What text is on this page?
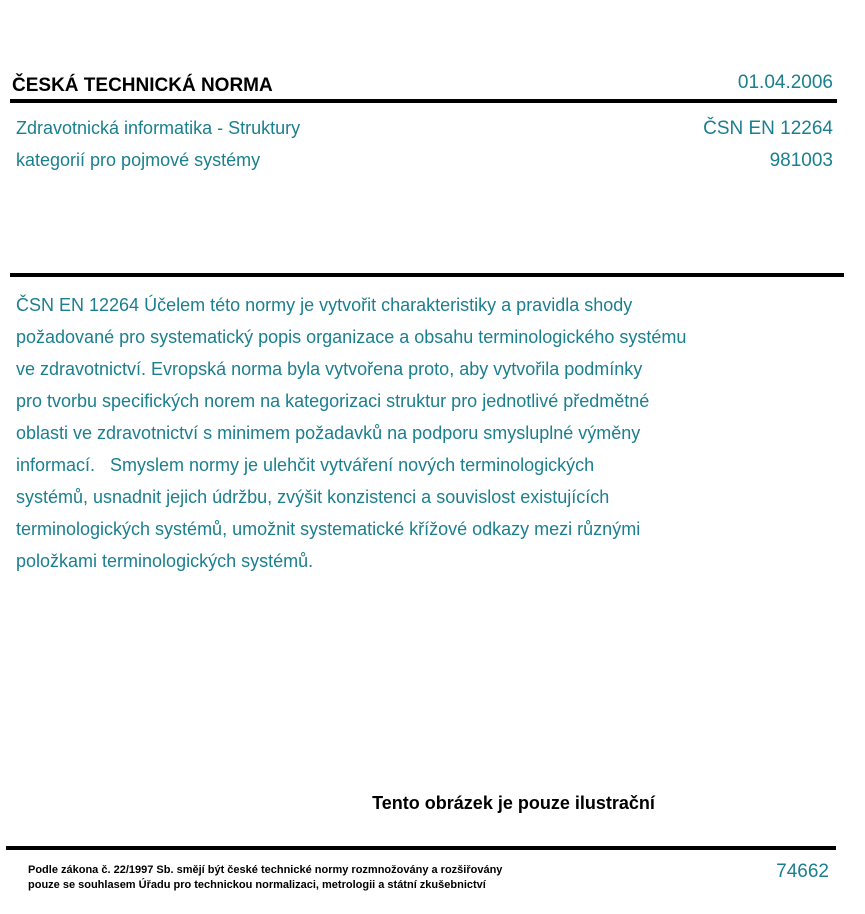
ČESKÁ TECHNICKÁ NORMA	01.04.2006
Zdravotnická informatika - Struktury
kategorií pro pojmové systémy
ČSN EN 12264
981003
ČSN EN 12264 Účelem této normy je vytvořit charakteristiky a pravidla shody
požadované pro systematický popis organizace a obsahu terminologického systému
ve zdravotnictví. Evropská norma byla vytvořena proto, aby vytvořila podmínky
pro tvorbu specifických norem na kategorizaci struktur pro jednotlivé předmětné
oblasti ve zdravotnictví s minimem požadavků na podporu smysluplné výměny
informací.   Smyslem normy je ulehčit vytváření nových terminologických
systémů, usnadnit jejich údržbu, zvýšit konzistenci a souvislost existujících
terminologických systémů, umožnit systematické křížové odkazy mezi různými
položkami terminologických systémů.
Tento obrázek je pouze ilustrační
Podle zákona č. 22/1997 Sb. smějí být české technické normy rozmnožovány a rozšiřovány
pouze se souhlasem Úřadu pro technickou normalizaci, metrologii a státní zkušebnictví
74662
